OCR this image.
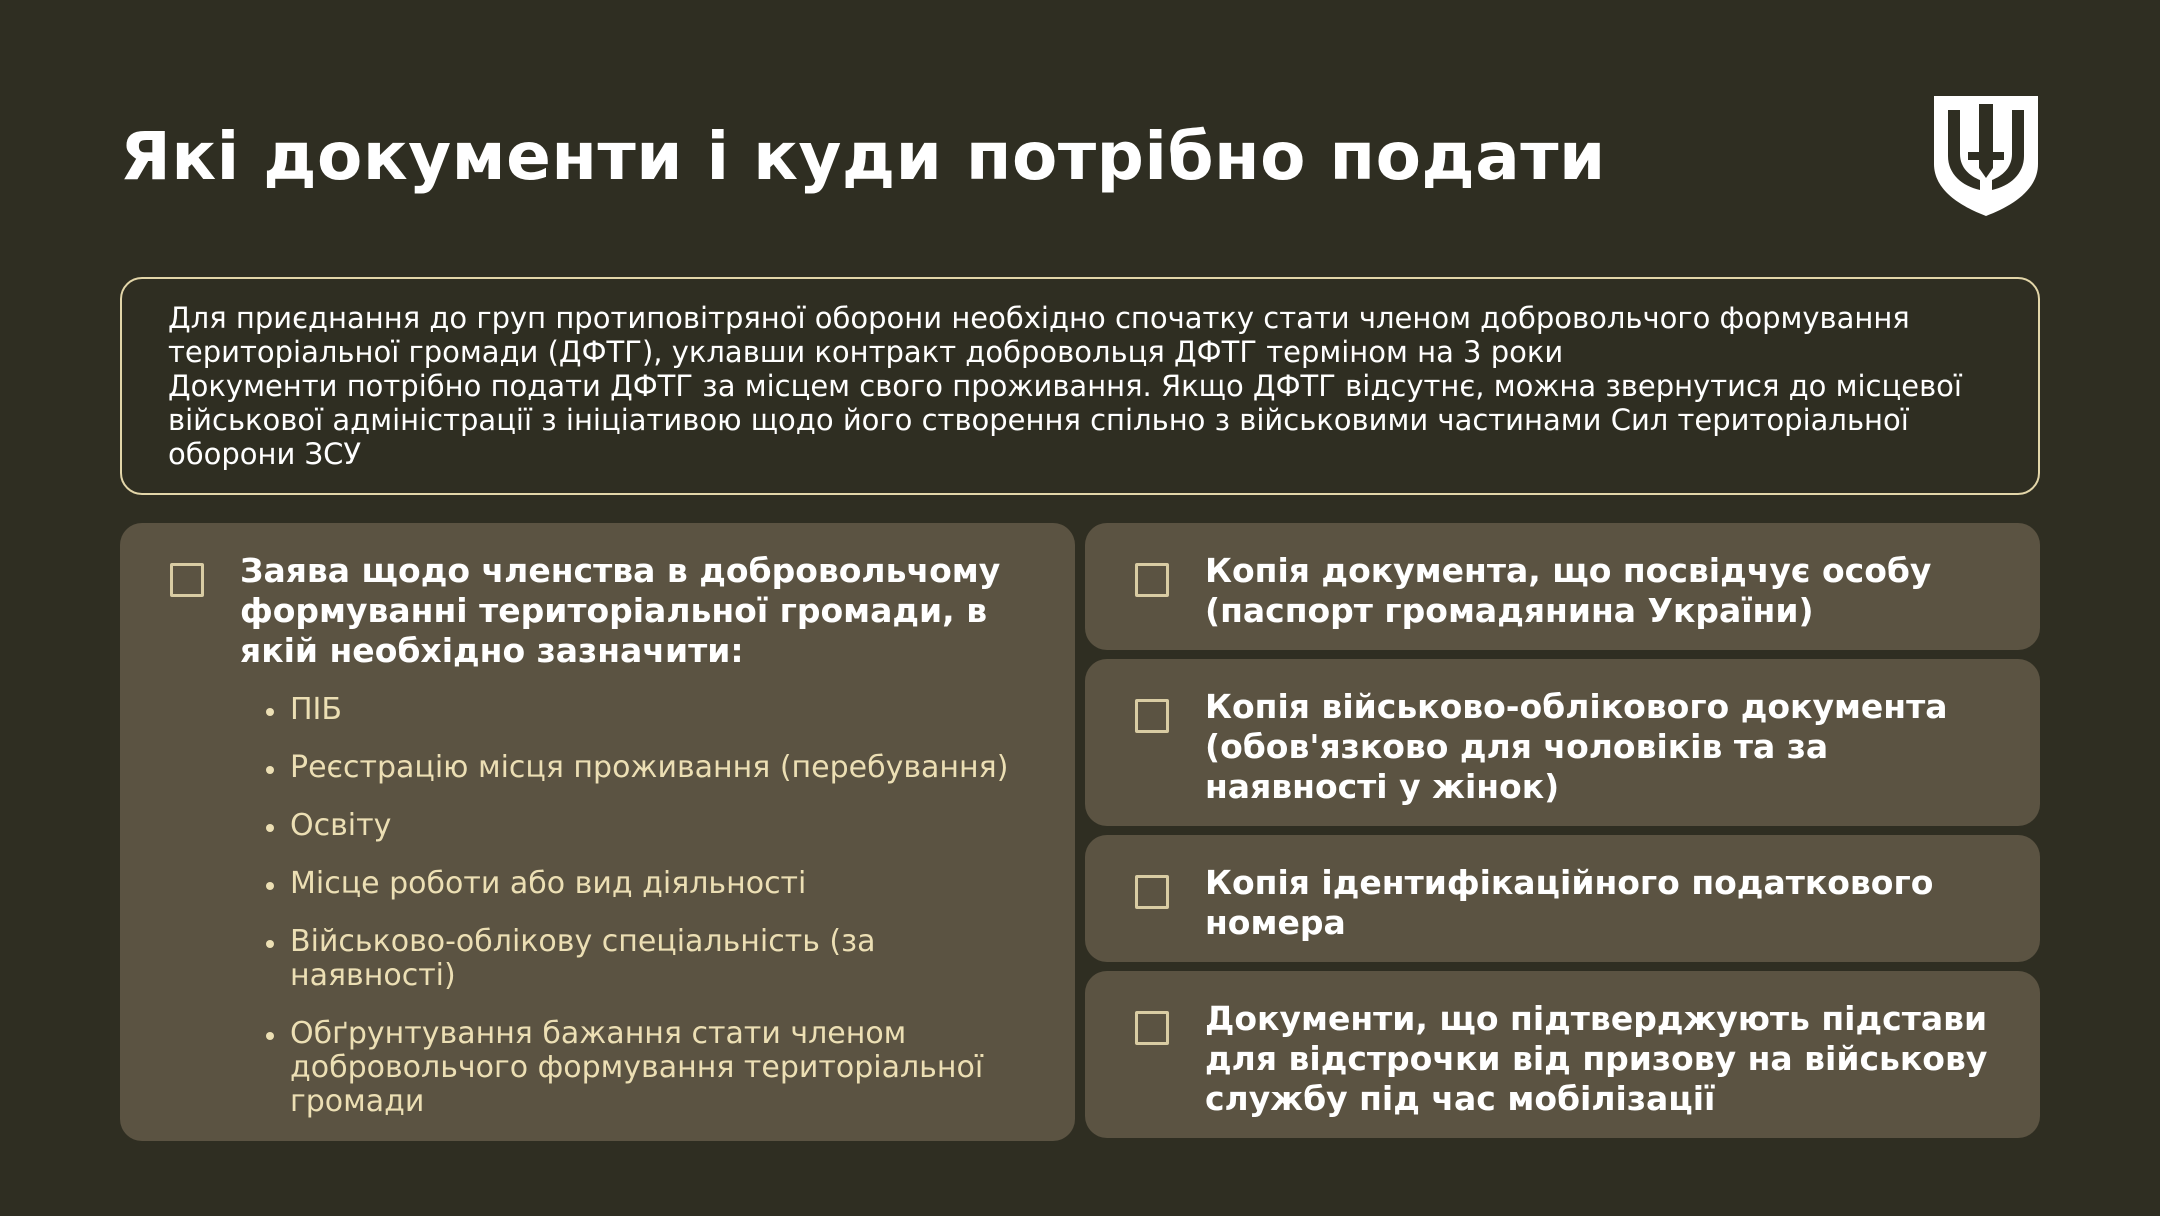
Які документи і куди потрібно подати

Для приєднання до груп протиповітряної оборони необхідно спочатку стати членом добровольчого формування територіальної громади (ДФТГ), уклавши контракт добровольця ДФТГ терміном на 3 роки

Документи потрібно подати ДФТГ за місцем свого проживання. Якщо ДФТГ відсутнє, можна звернутися до місцевої військової адміністрації з ініціативою щодо його створення спільно з військовими частинами Сил територіальної оборони ЗСУ

Заява щодо членства в добровольчому формуванні територіальної громади, в якій необхідно зазначити:
ПІБ
Реєстрацію місця проживання (перебування)
Освіту
Місце роботи або вид діяльності
Військово-облікову спеціальність (за наявності)
Обґрунтування бажання стати членом добровольчого формування територіальної громади
Копія документа, що посвідчує особу (паспорт громадянина України)
Копія військово-облікового документа (обов'язково для чоловіків та за наявності у жінок)
Копія ідентифікаційного податкового номера
Документи, що підтверджують підстави для відстрочки від призову на військову службу під час мобілізації
